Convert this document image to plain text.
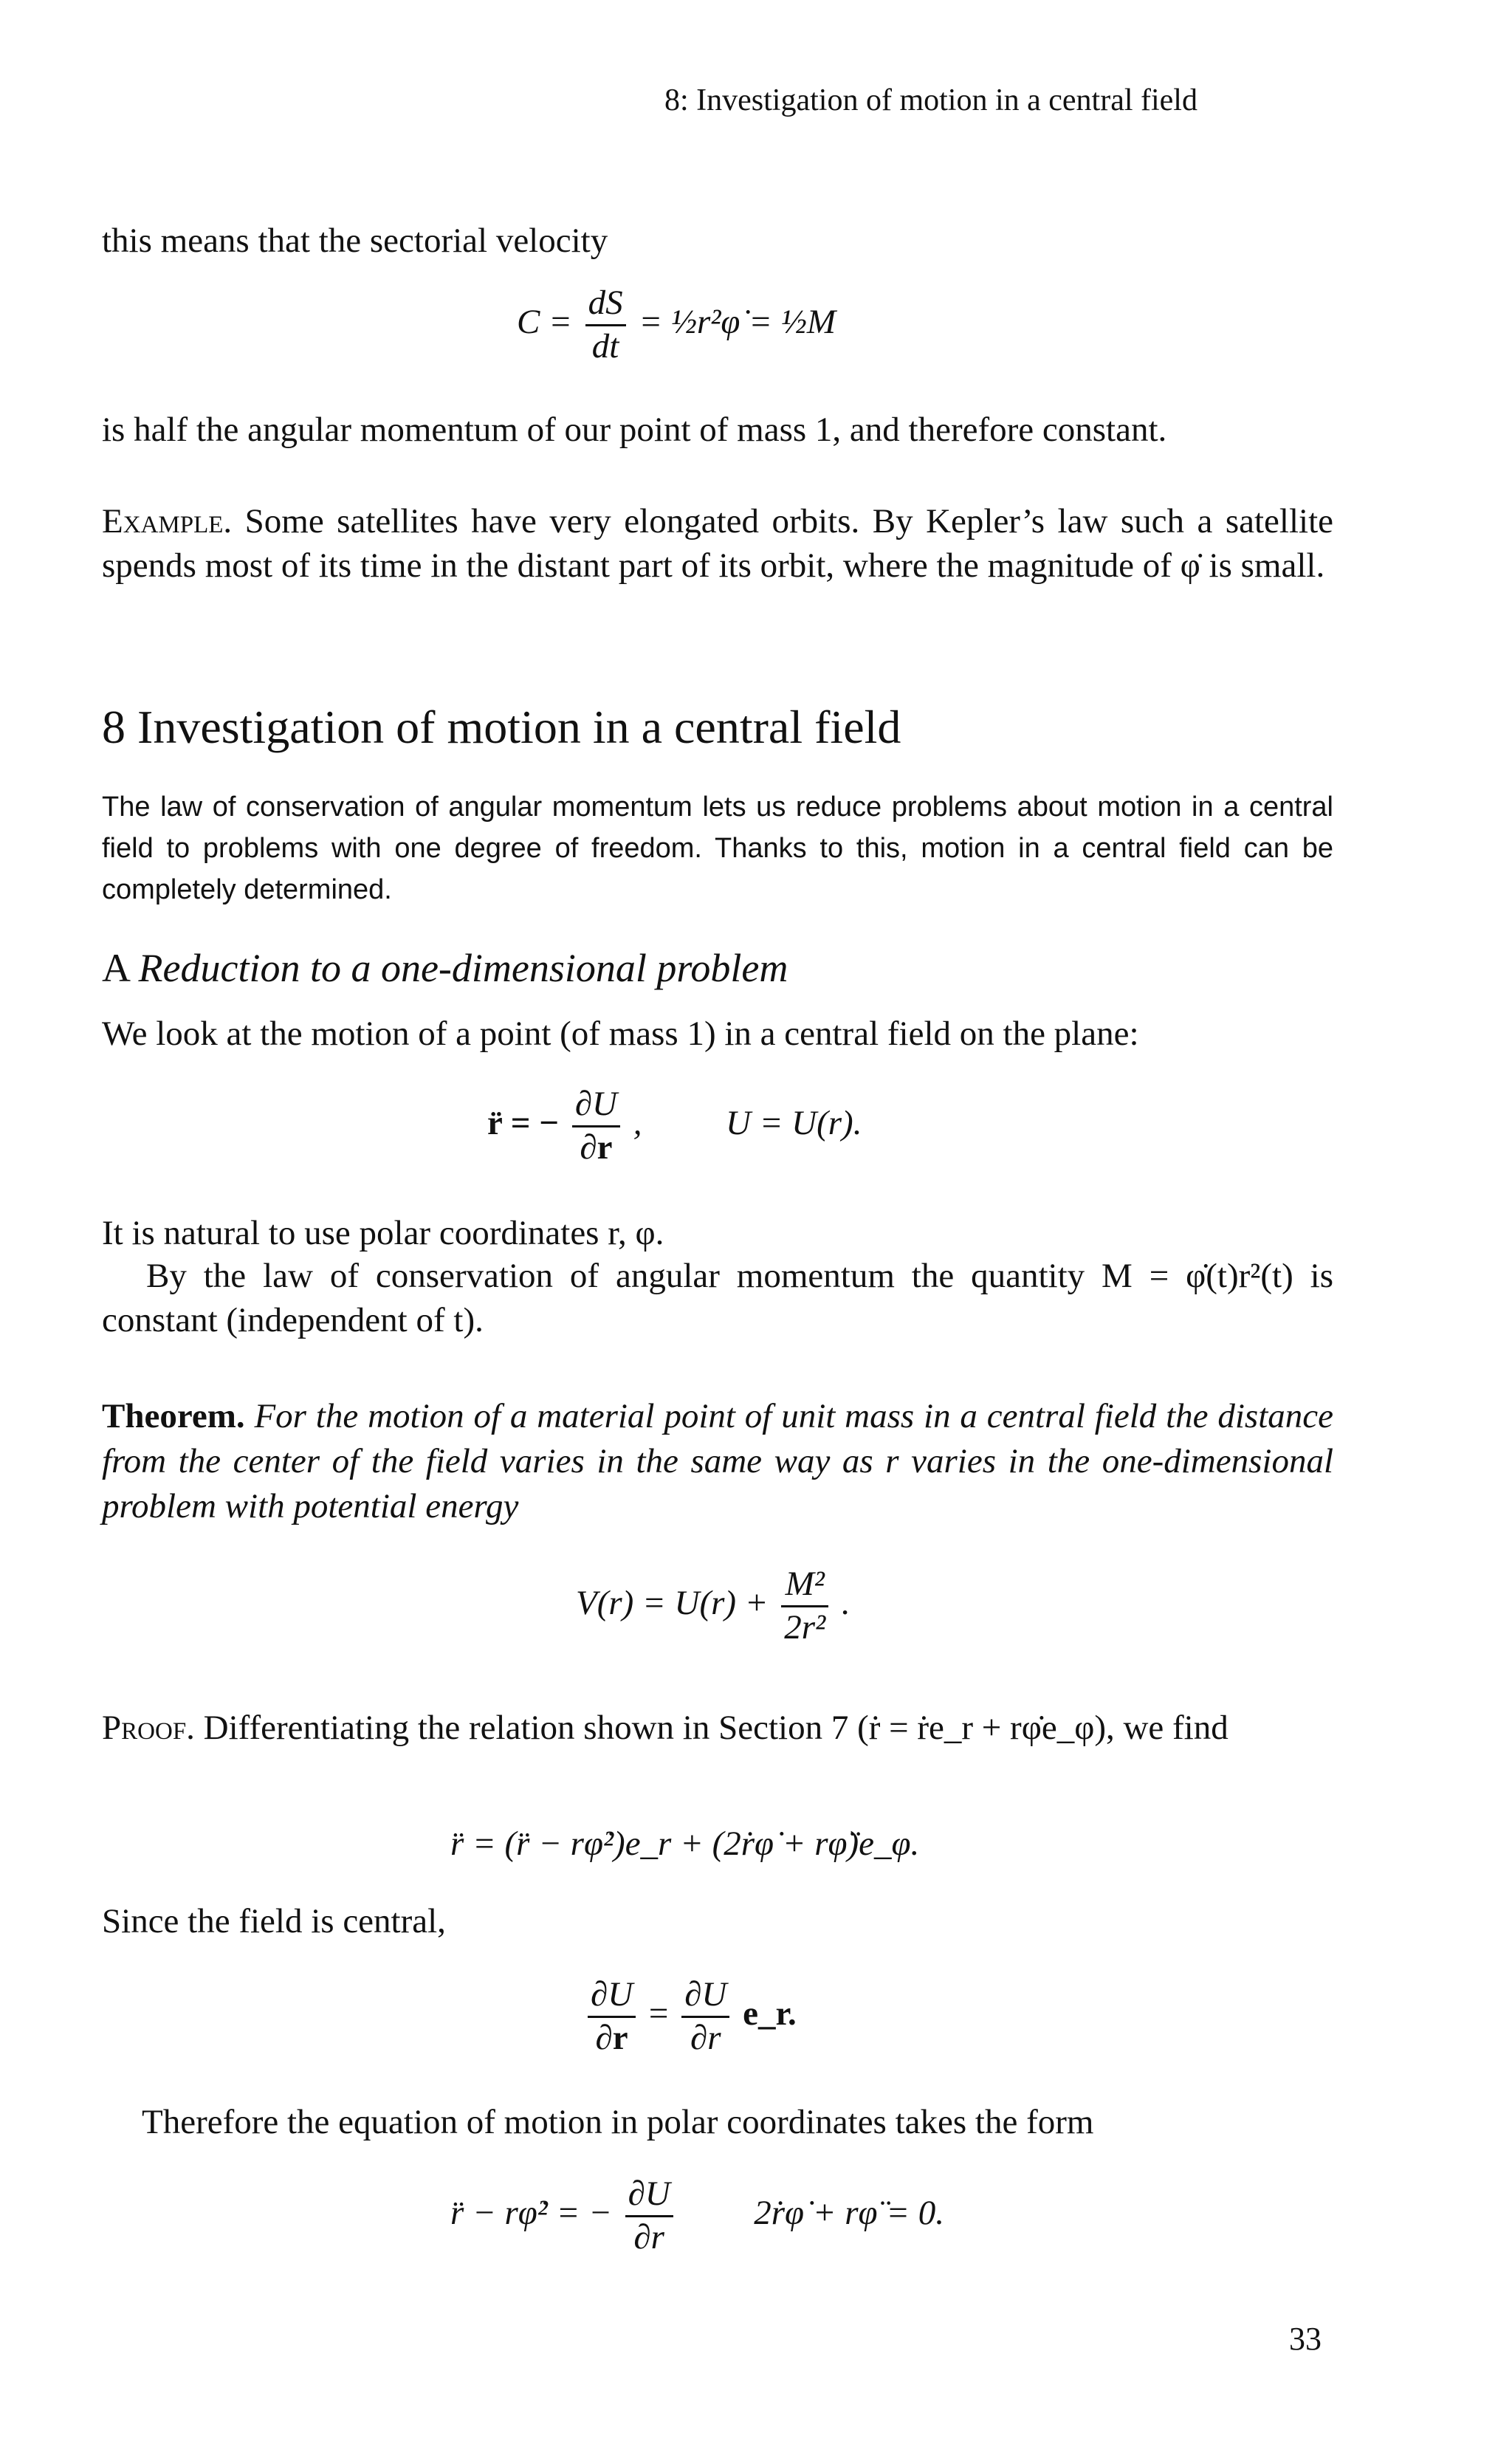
8: Investigation of motion in a central field
this means that the sectorial velocity
$C = \frac{dS}{dt}$ = ½r²φ̇ = ½M
is half the angular momentum of our point of mass 1, and therefore constant.
Example. Some satellites have very elongated orbits. By Kepler’s law such a satellite spends most of its time in the distant part of its orbit, where the magnitude of φ̇ is small.
8 Investigation of motion in a central field
The law of conservation of angular momentum lets us reduce problems about motion in a central field to problems with one degree of freedom. Thanks to this, motion in a central field can be completely determined.
A Reduction to a one-dimensional problem
We look at the motion of a point (of mass 1) in a central field on the plane:
r̈ = − $\frac{\partial U}{\partial r}$ , U = U(r).
It is natural to use polar coordinates r, φ.
By the law of conservation of angular momentum the quantity M = φ̇(t)r²(t) is constant (independent of t).
Theorem. For the motion of a material point of unit mass in a central field the distance from the center of the field varies in the same way as r varies in the one-dimensional problem with potential energy
$V(r) = U(r) + \frac{\text{M²}}{\text{2r²}}$ .
Proof. Differentiating the relation shown in Section 7 (ṙ = ṙe_r + rφ̇e_φ), we find
r̈ = (r̈ − rφ̇²)e_r + (2ṙφ̇ + rφ̈)e_φ.
Since the field is central,
$\frac{\partial U}{\partial r} = \frac{\partial U}{\partial r}$ e_r.
Therefore the equation of motion in polar coordinates takes the form
r̈ − rφ̇² = − $\frac{\partial U}{\partial r}$ 2ṙφ̇ + rφ̈ = 0.
33
